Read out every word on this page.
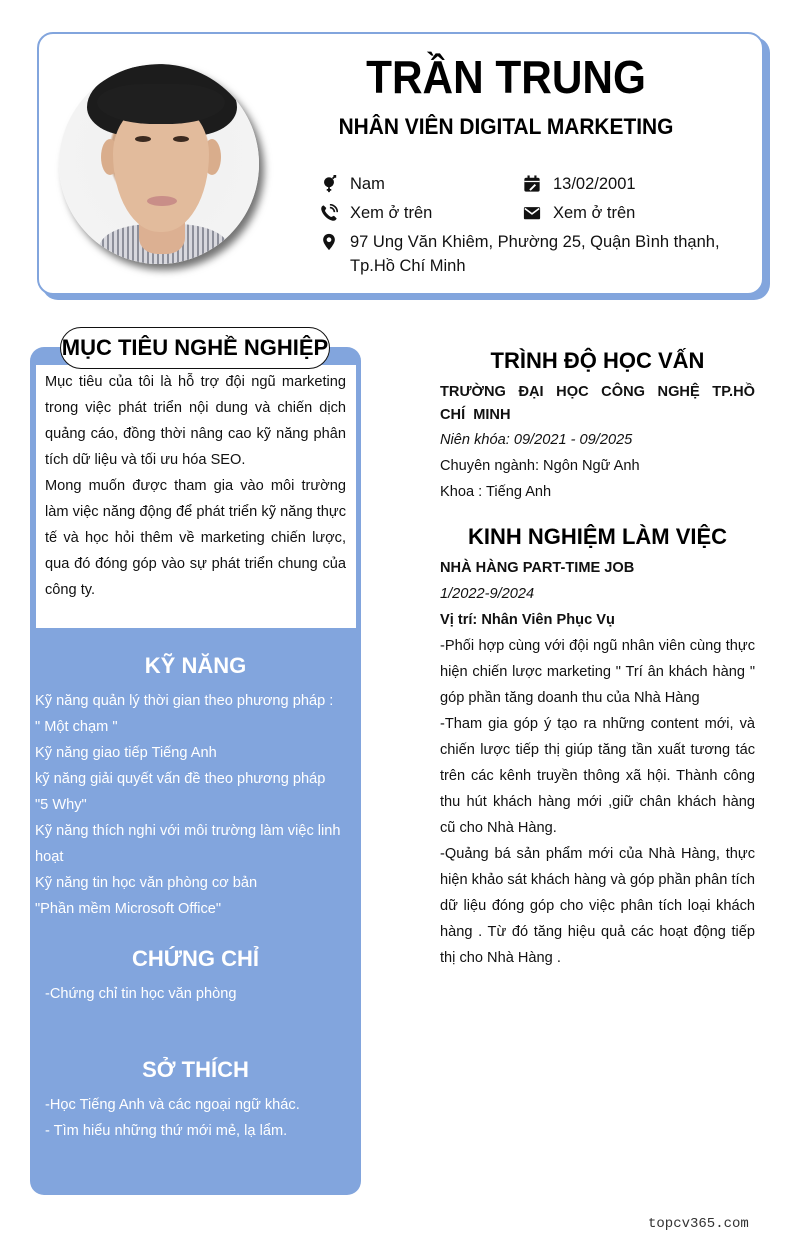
TRẦN TRUNG
NHÂN VIÊN DIGITAL MARKETING
Nam	13/02/2001
Xem ở trên	Xem ở trên
97 Ung Văn Khiêm, Phường 25, Quận Bình thạnh, Tp.Hồ Chí Minh
MỤC TIÊU NGHỀ NGHIỆP

Mục tiêu của tôi là hỗ trợ đội ngũ marketing trong việc phát triển nội dung và chiến dịch quảng cáo, đồng thời nâng cao kỹ năng phân tích dữ liệu và tối ưu hóa SEO.

Mong muốn được tham gia vào môi trường làm việc năng động để phát triển kỹ năng thực tế và học hỏi thêm về marketing chiến lược, qua đó đóng góp vào sự phát triển chung của công ty.

KỸ NĂNG
Kỹ năng quản lý thời gian theo phương pháp : " Một chạm "
Kỹ năng giao tiếp Tiếng Anh
kỹ năng giải quyết vấn đề theo phương pháp "5 Why"
Kỹ năng thích nghi với môi trường làm việc linh hoạt
Kỹ năng tin học văn phòng cơ bản "Phần mềm Microsoft Office"
CHỨNG CHỈ
-Chứng chỉ tin học văn phòng
SỞ THÍCH
-Học Tiếng Anh và các ngoại ngữ khác.
- Tìm hiểu những thứ mới mẻ, lạ lẩm.
TRÌNH ĐỘ HỌC VẤN
TRƯỜNG ĐẠI HỌC CÔNG NGHỆ TP.HỒ CHÍ MINH
Niên khóa: 09/2021 - 09/2025
Chuyên ngành: Ngôn Ngữ Anh
Khoa : Tiếng Anh
KINH NGHIỆM LÀM VIỆC
NHÀ HÀNG PART-TIME JOB
1/2022-9/2024
Vị trí: Nhân Viên Phục Vụ
-Phối hợp cùng với đội ngũ nhân viên cùng thực hiện chiến lược marketing " Trí ân khách hàng " góp phần tăng doanh thu của Nhà Hàng
-Tham gia góp ý tạo ra những content mới, và chiến lược tiếp thị giúp tăng tần xuất tương tác trên các kênh truyền thông xã hội. Thành công thu hút khách hàng mới ,giữ chân khách hàng cũ cho Nhà Hàng.
-Quảng bá sản phẩm mới của Nhà Hàng, thực hiện khảo sát khách hàng và góp phần phân tích dữ liệu đóng góp cho việc phân tích loại khách hàng . Từ đó tăng hiệu quả các hoạt động tiếp thị cho Nhà Hàng .
topcv365.com
